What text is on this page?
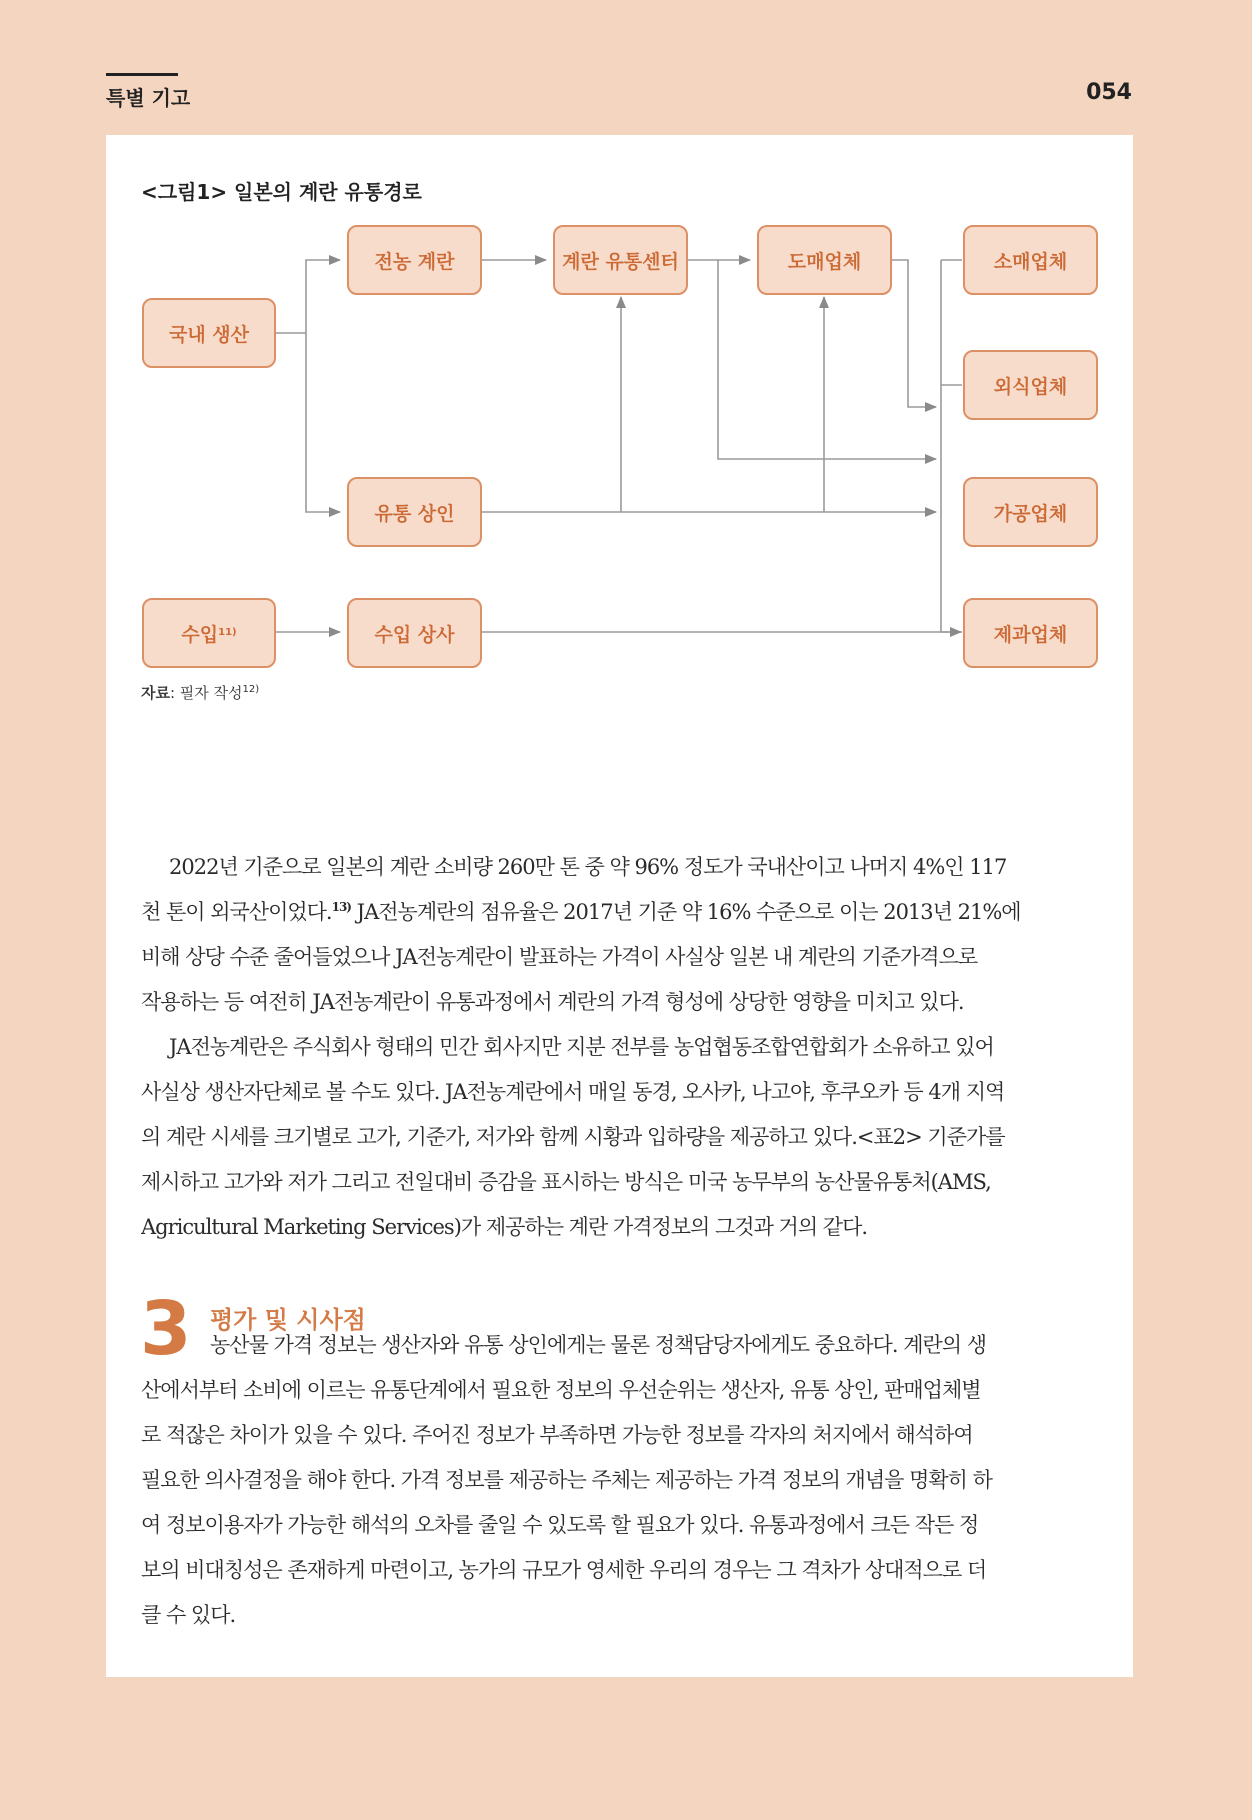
특별 기고	054
<그림1> 일본의 계란 유통경로
국내 생산
수입 11)
전농 계란	계란 유통센터	도매업체	소매업체
외식업체
유통 상인	가공업체
수입 상사	제과업체
자료: 필자 작성$^{12)}$
2022년 기준으로 일본의 계란 소비량 260만 톤 중 약 96% 정도가 국내산이고 나머지 4%인 117
천 톤이 외국산이었다.$^{13)}$ JA전농계란의 점유율은 2017년 기준 약 16% 수준으로 이는 2013년 21%에
비해 상당 수준 줄어들었으나 JA전농계란이 발표하는 가격이 사실상 일본 내 계란의 기준가격으로
작용하는 등 여전히 JA전농계란이 유통과정에서 계란의 가격 형성에 상당한 영향을 미치고 있다.
JA전농계란은 주식회사 형태의 민간 회사지만 지분 전부를 농업협동조합연합회가 소유하고 있어
사실상 생산자단체로 볼 수도 있다. JA전농계란에서 매일 동경, 오사카, 나고야, 후쿠오카 등 4개 지역
의 계란 시세를 크기별로 고가, 기준가, 저가와 함께 시황과 입하량을 제공하고 있다.<표2> 기준가를
제시하고 고가와 저가 그리고 전일대비 증감을 표시하는 방식은 미국 농무부의 농산물유통처(AMS,
Agricultural Marketing Services)가 제공하는 계란 가격정보의 그것과 거의 같다.
3 평가 및 시사점
농산물 가격 정보는 생산자와 유통 상인에게는 물론 정책담당자에게도 중요하다. 계란의 생
산에서부터 소비에 이르는 유통단계에서 필요한 정보의 우선순위는 생산자, 유통 상인, 판매업체별
로 적잖은 차이가 있을 수 있다. 주어진 정보가 부족하면 가능한 정보를 각자의 처지에서 해석하여
필요한 의사결정을 해야 한다. 가격 정보를 제공하는 주체는 제공하는 가격 정보의 개념을 명확히 하
여 정보이용자가 가능한 해석의 오차를 줄일 수 있도록 할 필요가 있다. 유통과정에서 크든 작든 정
보의 비대칭성은 존재하게 마련이고, 농가의 규모가 영세한 우리의 경우는 그 격차가 상대적으로 더
클 수 있다.
